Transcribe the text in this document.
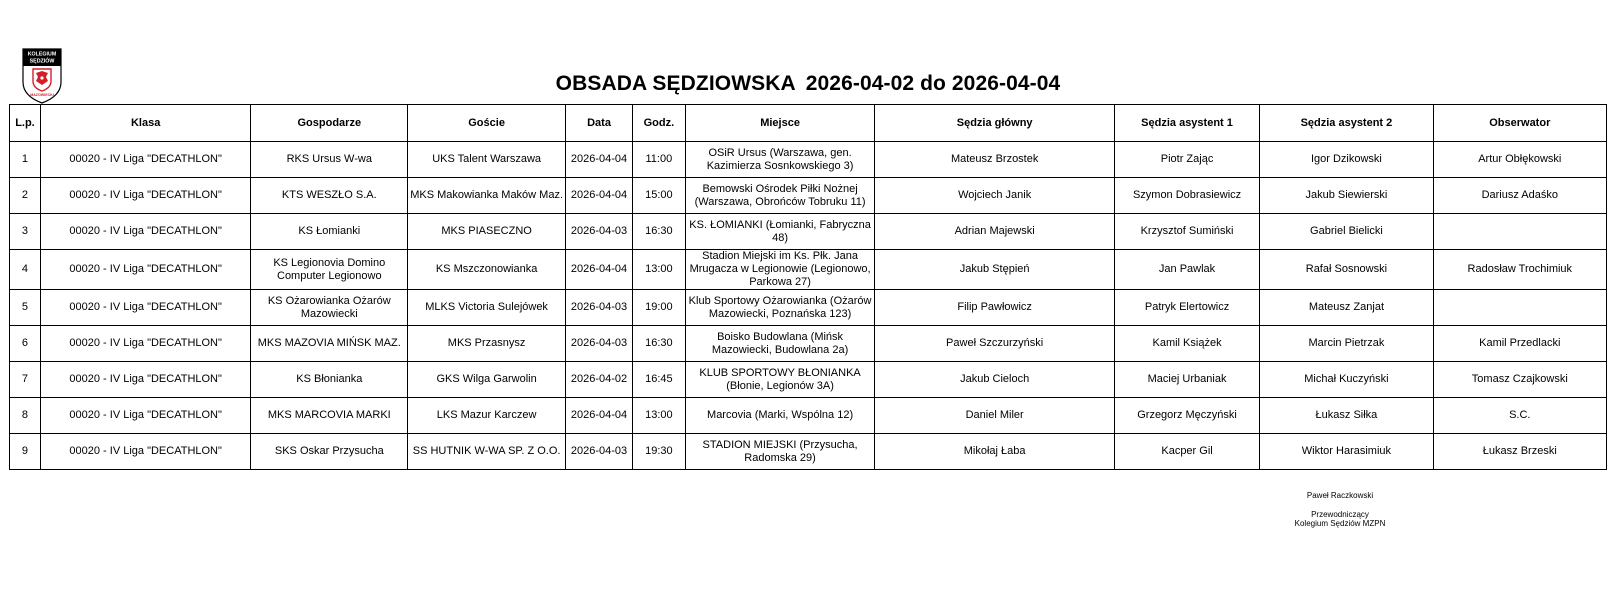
KOLEGIUM
SĘDZIÓW
MAZOWIECKI	OBSADA SĘDZIOWSKA 2026-04-02 do 2026-04-04
L.p.	Klasa	Gospodarze	Goście	Data	Godz.	Miejsce	Sędzia główny	Sędzia asystent 1	Sędzia asystent 2	Obserwator
1	00020 - IV Liga "DECATHLON"	RKS Ursus W-wa	UKS Talent Warszawa	2026-04-04	11:00	OSiR Ursus (Warszawa, gen. Kazimierza Sosnkowskiego 3)	Mateusz Brzostek	Piotr Zając	Igor Dzikowski	Artur Obłękowski
2	00020 - IV Liga "DECATHLON"	KTS WESZŁO S.A.	MKS Makowianka Maków Maz.	2026-04-04	15:00	Bemowski Ośrodek Piłki Nożnej (Warszawa, Obrońców Tobruku 11)	Wojciech Janik	Szymon Dobrasiewicz	Jakub Siewierski	Dariusz Adaśko
3	00020 - IV Liga "DECATHLON"	KS Łomianki	MKS PIASECZNO	2026-04-03	16:30	KS. ŁOMIANKI (Łomianki, Fabryczna 48)	Adrian Majewski	Krzysztof Sumiński	Gabriel Bielicki	
4	00020 - IV Liga "DECATHLON"	KS Legionovia Domino Computer Legionowo	KS Mszczonowianka	2026-04-04	13:00	Stadion Miejski im Ks. Płk. Jana Mrugacza w Legionowie (Legionowo, Parkowa 27)	Jakub Stępień	Jan Pawlak	Rafał Sosnowski	Radosław Trochimiuk
5	00020 - IV Liga "DECATHLON"	KS Ożarowianka Ożarów Mazowiecki	MLKS Victoria Sulejówek	2026-04-03	19:00	Klub Sportowy Ożarowianka (Ożarów Mazowiecki, Poznańska 123)	Filip Pawłowicz	Patryk Elertowicz	Mateusz Zanjat	
6	00020 - IV Liga "DECATHLON"	MKS MAZOVIA MIŃSK MAZ.	MKS Przasnysz	2026-04-03	16:30	Boisko Budowlana (Mińsk Mazowiecki, Budowlana 2a)	Paweł Szczurzyński	Kamil Książek	Marcin Pietrzak	Kamil Przedlacki
7	00020 - IV Liga "DECATHLON"	KS Błonianka	GKS Wilga Garwolin	2026-04-02	16:45	KLUB SPORTOWY BŁONIANKA (Błonie, Legionów 3A)	Jakub Cieloch	Maciej Urbaniak	Michał Kuczyński	Tomasz Czajkowski
8	00020 - IV Liga "DECATHLON"	MKS MARCOVIA MARKI	LKS Mazur Karczew	2026-04-04	13:00	Marcovia (Marki, Wspólna 12)	Daniel Miler	Grzegorz Męczyński	Łukasz Siłka	S.C.
9	00020 - IV Liga "DECATHLON"	SKS Oskar Przysucha	SS HUTNIK W-WA SP. Z O.O.	2026-04-03	19:30	STADION MIEJSKI (Przysucha, Radomska 29)	Mikołaj Łaba	Kacper Gil	Wiktor Harasimiuk	Łukasz Brzeski
Paweł Raczkowski
Przewodniczący
Kolegium Sędziów MZPN
